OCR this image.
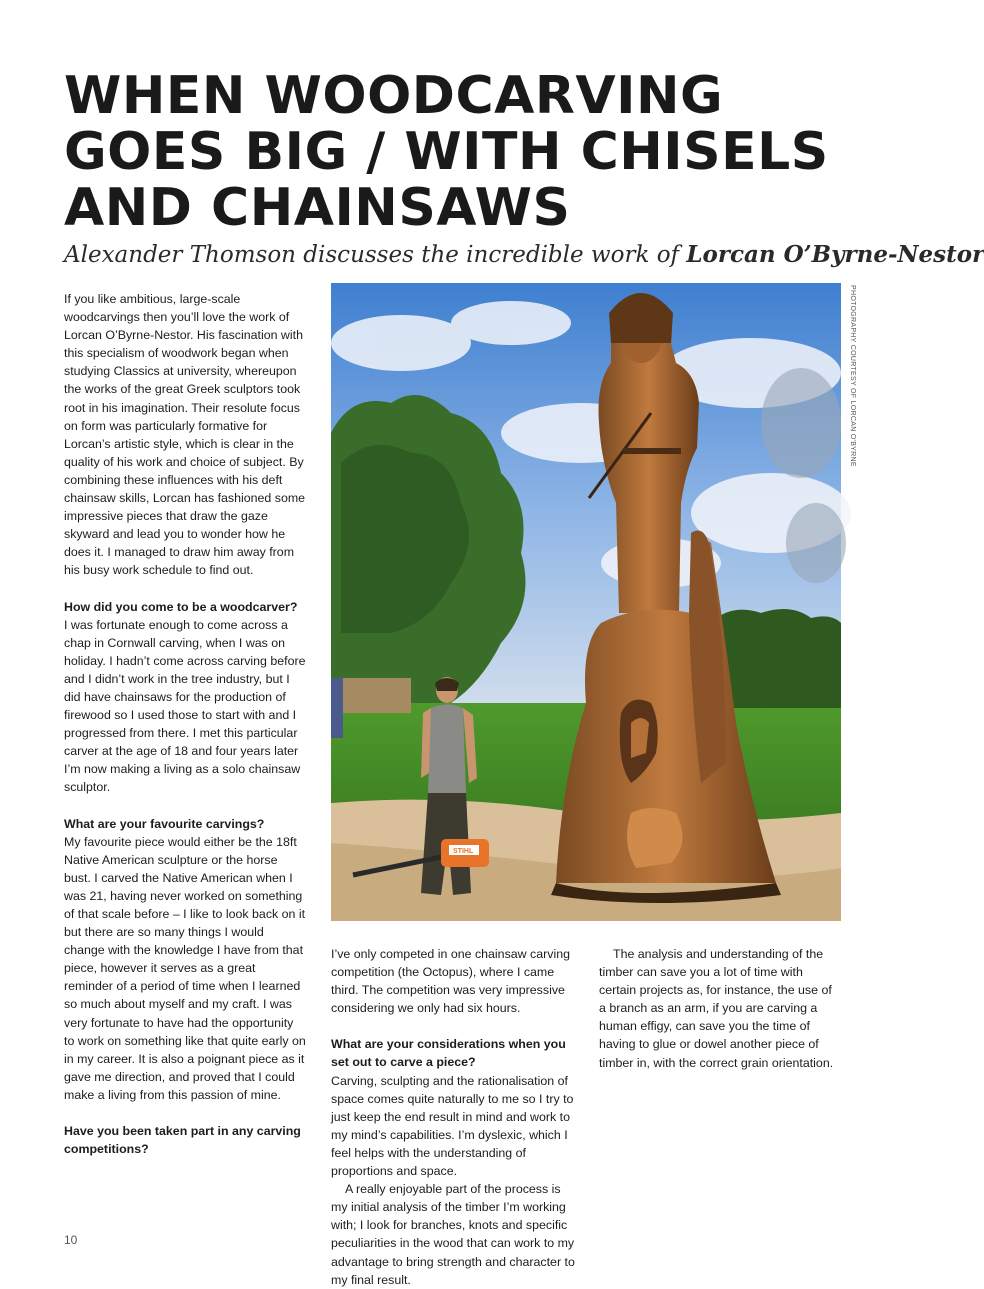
WHEN WOODCARVING
GOES BIG / WITH CHISELS
AND CHAINSAWS

Alexander Thomson discusses the incredible work of Lorcan O’Byrne-Nestor

If you like ambitious, large-scale woodcarvings then you’ll love the work of Lorcan O’Byrne-Nestor. His fascination with this specialism of woodwork began when studying Classics at university, whereupon the works of the great Greek sculptors took root in his imagination. Their resolute focus on form was particularly formative for Lorcan’s artistic style, which is clear in the quality of his work and choice of subject. By combining these influences with his deft chainsaw skills, Lorcan has fashioned some impressive pieces that draw the gaze skyward and lead you to wonder how he does it. I managed to draw him away from his busy work schedule to find out.

How did you come to be a woodcarver?

I was fortunate enough to come across a chap in Cornwall carving, when I was on holiday. I hadn’t come across carving before and I didn’t work in the tree industry, but I did have chainsaws for the production of firewood so I used those to start with and I progressed from there. I met this particular carver at the age of 18 and four years later I’m now making a living as a solo chainsaw sculptor.

What are your favourite carvings?

My favourite piece would either be the 18ft Native American sculpture or the horse bust. I carved the Native American when I was 21, having never worked on something of that scale before – I like to look back on it but there are so many things I would change with the knowledge I have from that piece, however it serves as a great reminder of a period of time when I learned so much about myself and my craft. I was very fortunate to have had the opportunity to work on something like that quite early on in my career. It is also a poignant piece as it gave me direction, and proved that I could make a living from this passion of mine.

Have you been taken part in any carving competitions?

STIHL
PHOTOGRAPHY COURTESY OF LORCAN O'BYRNE

I’ve only competed in one chainsaw carving competition (the Octopus), where I came third. The competition was very impressive considering we only had six hours.

What are your considerations when you set out to carve a piece?

Carving, sculpting and the rationalisation of space comes quite naturally to me so I try to just keep the end result in mind and work to my mind’s capabilities. I’m dyslexic, which I feel helps with the understanding of proportions and space.

A really enjoyable part of the process is my initial analysis of the timber I’m working with; I look for branches, knots and specific peculiarities in the wood that can work to my advantage to bring strength and character to my final result.

The analysis and understanding of the timber can save you a lot of time with certain projects as, for instance, the use of a branch as an arm, if you are carving a human effigy, can save you the time of having to glue or dowel another piece of timber in, with the correct grain orientation.

10
